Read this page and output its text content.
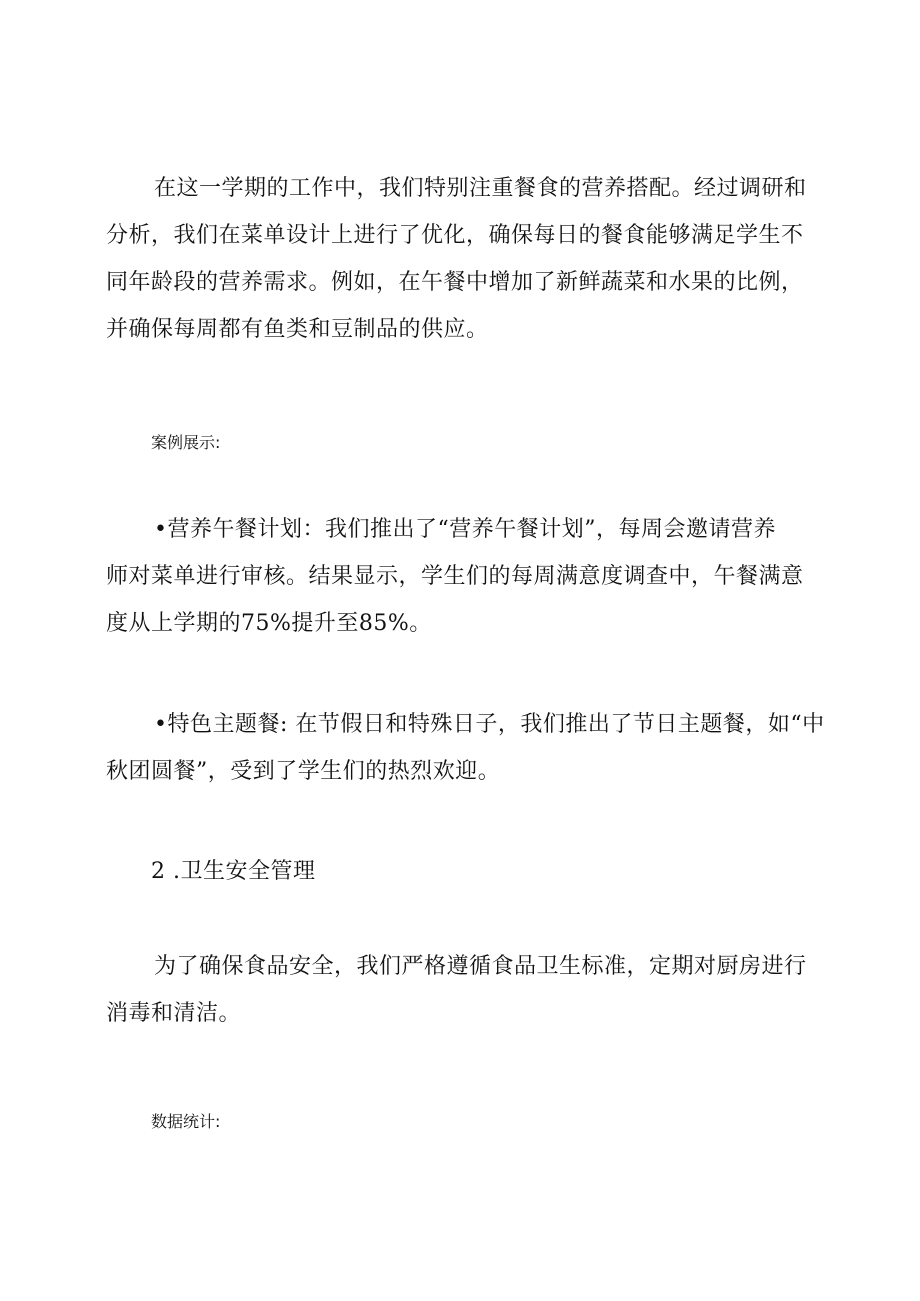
在这一学期的工作中，我们特别注重餐食的营养搭配。经过调研和
分析，我们在菜单设计上进行了优化，确保每日的餐食能够满足学生不
同年龄段的营养需求。例如，在午餐中增加了新鲜蔬菜和水果的比例，
并确保每周都有鱼类和豆制品的供应。

案例展示:

•营养午餐计划：我们推出了“营养午餐计划”，每周会邀请营养
师对菜单进行审核。结果显示，学生们的每周满意度调查中，午餐满意
度从上学期的75%提升至85%。

•特色主题餐: 在节假日和特殊日子，我们推出了节日主题餐，如“中
秋团圆餐”，受到了学生们的热烈欢迎。

2 .卫生安全管理

为了确保食品安全，我们严格遵循食品卫生标准，定期对厨房进行
消毒和清洁。

数据统计:
